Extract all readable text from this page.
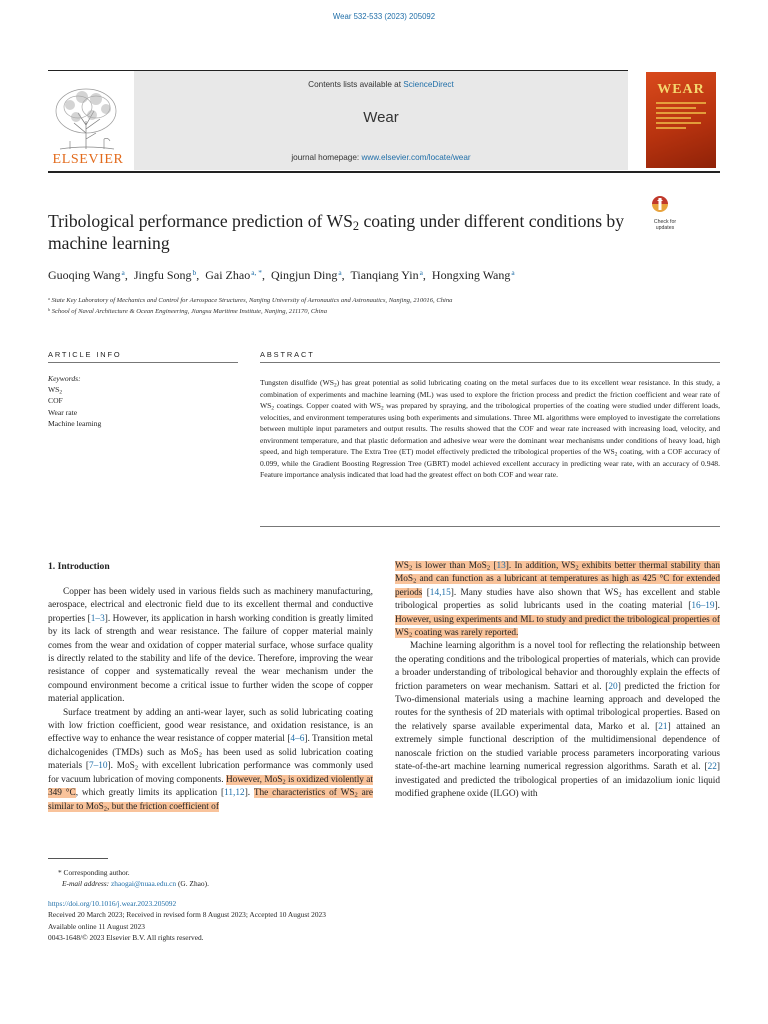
Wear 532-533 (2023) 205092
ELSEVIER
Contents lists available at ScienceDirect
Wear
journal homepage: www.elsevier.com/locate/wear
WEAR
Check for updates
Tribological performance prediction of $WS_2$ coating under different conditions by machine learning
Guoqing Wang $^a$,  Jingfu Song $^b$,  Gai Zhao $^{a, *}$,  Qingjun Ding $^a$,  Tianqiang Yin $^a$,  Hongxing Wang $^a$
$^a$ State Key Laboratory of Mechanics and Control for Aerospace Structures, Nanjing University of Aeronautics and Astronautics, Nanjing, 210016, China
$^b$ School of Naval Architecture & Ocean Engineering, Jiangsu Maritime Institute, Nanjing, 211170, China
ARTICLE INFO	ABSTRACT
Keywords:
$WS_2$
COF
Wear rate
Machine learning
Tungsten disulfide $(WS_2)$ has great potential as solid lubricating coating on the metal surfaces due to its excellent wear resistance. In this study, a combination of experiments and machine learning (ML) was used to explore the friction process and predict the friction coefficient and wear rate of $WS_2$ coatings. Copper coated with $WS_2$ was prepared by spraying, and the tribological properties of the coating were studied under different loads, velocities, and environment temperatures using both experiments and simulations. Three ML algorithms were employed to investigate the correlations between multiple input parameters and output results. The results showed that the COF and wear rate increased with increasing load, velocity, and environment temperature, and that plastic deformation and adhesive wear were the dominant wear mechanisms under conditions of heavy load, high speed, and high temperature. The Extra Tree (ET) model effectively predicted the tribological properties of the $WS_2$ coating, with a COF accuracy of 0.099, while the Gradient Boosting Regression Tree (GBRT) model achieved excellent accuracy in predicting wear rate, with an accuracy of 0.948. Feature importance analysis indicated that load had the greatest effect on both COF and wear rate.
1. Introduction

Copper has been widely used in various fields such as machinery manufacturing, aerospace, electrical and electronic field due to its excellent thermal and conductive properties [1–3]. However, its application in harsh working condition is greatly limited by its lack of strength and wear resistance. The failure of copper material mainly comes from the wear and oxidation of copper material surface, whose surface quality is directly related to the stability and life of the device. Therefore, improving the wear resistance of copper and systematically reveal the wear mechanism under the compound environment become a critical issue to further widen the scope of copper material application.

Surface treatment by adding an anti-wear layer, such as solid lubricating coating with low friction coefficient, good wear resistance, and oxidation resistance, is an effective way to enhance the wear resistance of copper material [4–6]. Transition metal dichalcogenides (TMDs) such as MoS$_2$ has been used as solid lubrication coating materials [7–10]. MoS$_2$ with excellent lubrication performance was commonly used for vacuum lubrication of moving components. However, MoS$_2$ is oxidized violently at 349 °C, which greatly limits its application [11,12]. The characteristics of $WS_2$ are similar to MoS$_2$, but the friction coefficient of

$WS_2$ is lower than MoS$_2$ [13]. In addition, $WS_2$ exhibits better thermal stability than MoS$_2$ and can function as a lubricant at temperatures as high as 425 °C for extended periods [14,15]. Many studies have also shown that $WS_2$ has excellent and stable tribological properties as solid lubricants used in the coating material [16–19]. However, using experiments and ML to study and predict the tribological properties of $WS_2$ coating was rarely reported.

Machine learning algorithm is a novel tool for reflecting the relationship between the operating conditions and the tribological properties of materials, which can provide a broader understanding of tribological behavior and thoroughly explain the effects of friction parameters on wear mechanism. Sattari et al. [20] predicted the friction for Two-dimensional materials using a machine learning approach and developed the routes for the synthesis of 2D materials with optimal tribological properties. Based on the relatively sparse available experimental data, Marko et al. [21] attained an extremely simple functional description of the multidimensional dependence of nanoscale friction on the studied variable process parameters incorporating various state-of-the-art machine learning numerical regression algorithms. Sarath et al. [22] investigated and predicted the tribological properties of an imidazolium ionic liquid modified graphene oxide (ILGO) with

* Corresponding author.
E-mail address: zhaogai@nuaa.edu.cn (G. Zhao).
https://doi.org/10.1016/j.wear.2023.205092
Received 20 March 2023; Received in revised form 8 August 2023; Accepted 10 August 2023
Available online 11 August 2023
0043-1648/© 2023 Elsevier B.V. All rights reserved.
